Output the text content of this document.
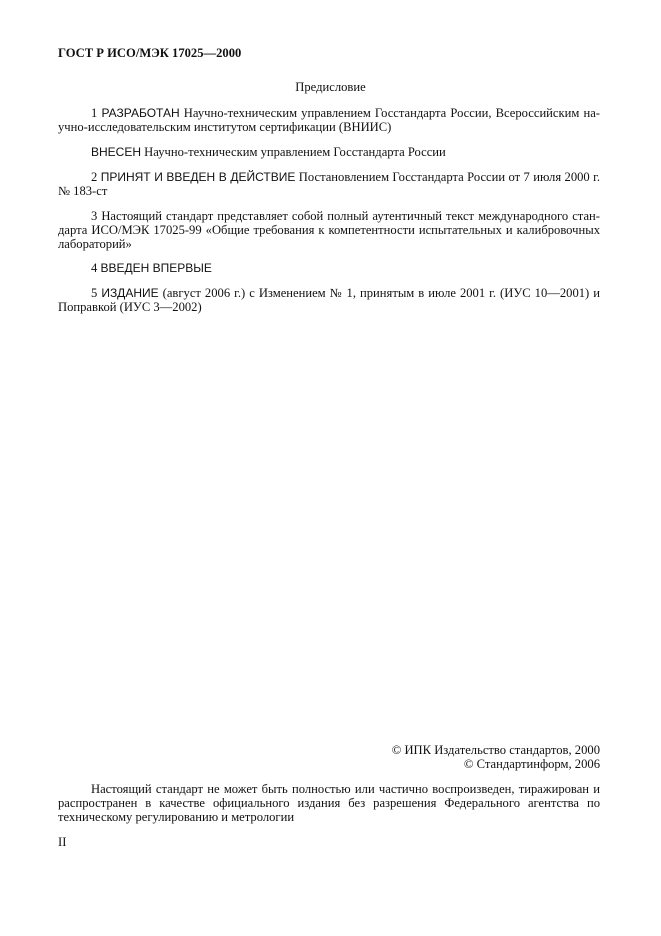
ГОСТ Р ИСО/МЭК 17025—2000
Предисловие
1 РАЗРАБОТАН Научно-техническим управлением Госстандарта России, Всероссийским на-
учно-исследовательским институтом сертификации (ВНИИС)
ВНЕСЕН Научно-техническим управлением Госстандарта России
2 ПРИНЯТ И ВВЕДЕН В ДЕЙСТВИЕ Постановлением Госстандарта России от 7 июля 2000 г.
№ 183-ст
3 Настоящий стандарт представляет собой полный аутентичный текст международного стан-
дарта ИСО/МЭК 17025-99 «Общие требования к компетентности испытательных и калибровочных
лабораторий»
4 ВВЕДЕН ВПЕРВЫЕ
5 ИЗДАНИЕ (август 2006 г.) с Изменением № 1, принятым в июле 2001 г. (ИУС 10—2001) и
Поправкой (ИУС 3—2002)
© ИПК Издательство стандартов, 2000
© Стандартинформ, 2006
Настоящий стандарт не может быть полностью или частично воспроизведен, тиражирован и
распространен в качестве официального издания без разрешения Федерального агентства по
техническому регулированию и метрологии
II
